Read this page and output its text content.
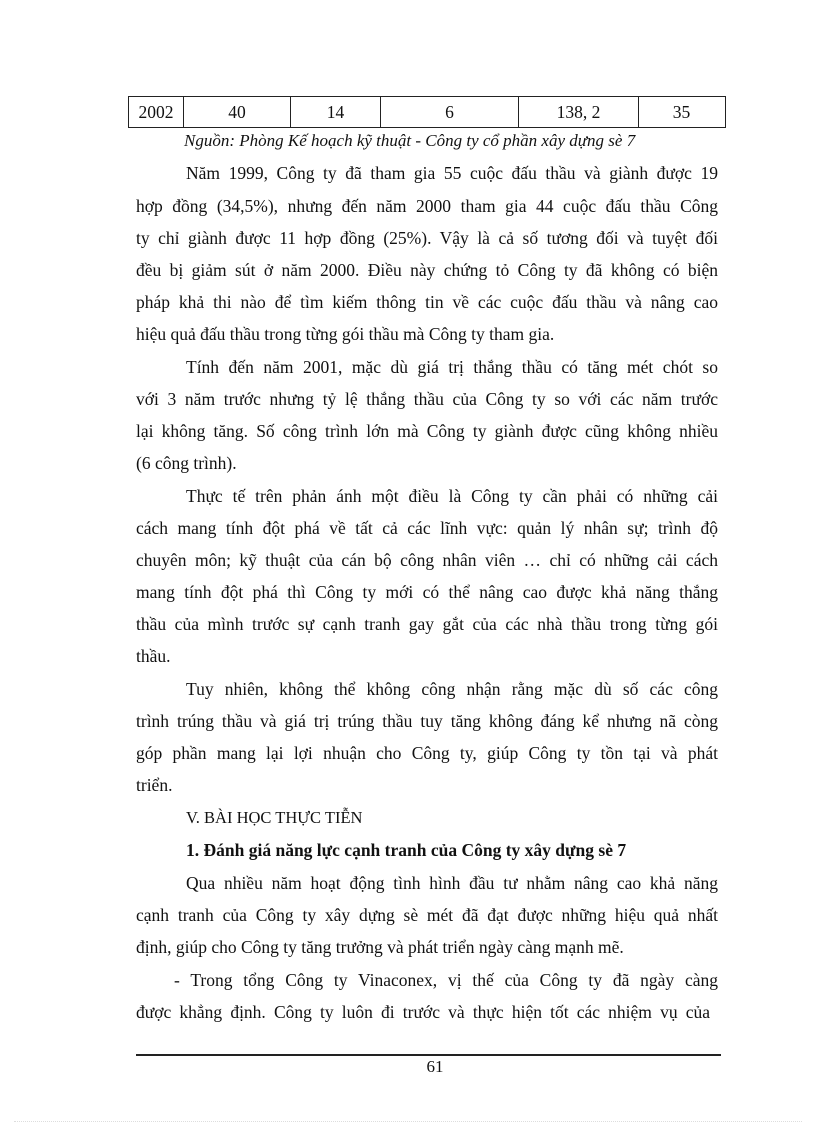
2002	40	14	6	138, 2	35
Nguồn: Phòng Kế hoạch kỹ thuật - Công ty cổ phần xây dựng sè 7
Năm 1999, Công ty đã tham gia 55 cuộc đấu thầu và giành được 19
hợp đồng (34,5%), nhưng đến năm 2000 tham gia 44 cuộc đấu thầu Công
ty chỉ giành được 11 hợp đồng (25%). Vậy là cả số tương đối và tuyệt đối
đều bị giảm sút ở năm 2000. Điều này chứng tỏ Công ty đã không có biện
pháp khả thi nào để tìm kiếm thông tin về các cuộc đấu thầu và nâng cao
hiệu quả đấu thầu trong từng gói thầu mà Công ty tham gia.
Tính đến năm 2001, mặc dù giá trị thắng thầu có tăng mét chót so
với 3 năm trước nhưng tỷ lệ thắng thầu của Công ty so với các năm trước
lại không tăng. Số công trình lớn mà Công ty giành được cũng không nhiều
(6 công trình).
Thực tế trên phản ánh một điều là Công ty cần phải có những cải
cách mang tính đột phá về tất cả các lĩnh vực: quản lý nhân sự; trình độ
chuyên môn; kỹ thuật của cán bộ công nhân viên … chỉ có những cải cách
mang tính đột phá thì Công ty mới có thể nâng cao được khả năng thắng
thầu của mình trước sự cạnh tranh gay gắt của các nhà thầu trong từng gói
thầu.
Tuy nhiên, không thể không công nhận rằng mặc dù số các công
trình trúng thầu và giá trị trúng thầu tuy tăng không đáng kể nhưng nã còng
góp phần mang lại lợi nhuận cho Công ty, giúp Công ty tồn tại và phát
triển.
V. BÀI HỌC THỰC TIỄN
1. Đánh giá năng lực cạnh tranh của Công ty xây dựng sè 7
Qua nhiều năm hoạt động tình hình đầu tư nhằm nâng cao khả năng
cạnh tranh của Công ty xây dựng sè mét đã đạt được những hiệu quả nhất
định, giúp cho Công ty tăng trưởng và phát triển ngày càng mạnh mẽ.
- Trong tổng Công ty Vinaconex, vị thế của Công ty đã ngày càng
được khẳng định. Công ty luôn đi trước và thực hiện tốt các nhiệm vụ của
61
